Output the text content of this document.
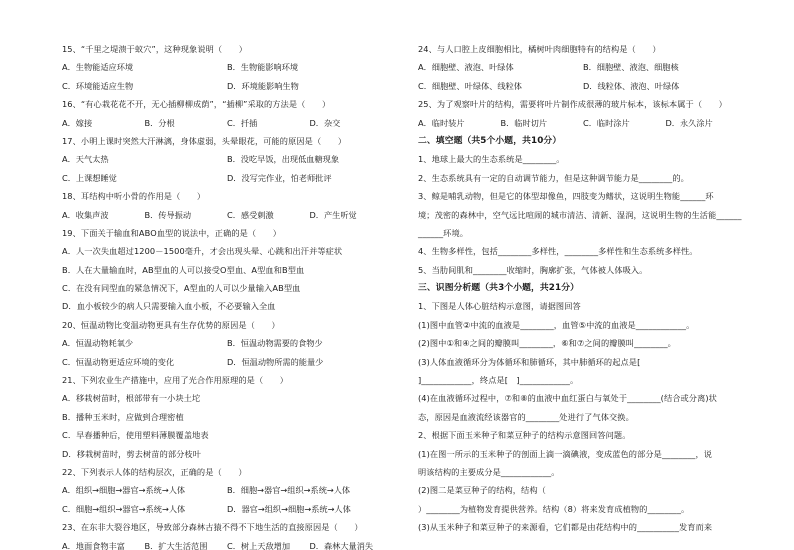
15、“千里之堤溃于蚁穴”，这种现象说明（　　）
A．生物能适应环境	B．生物能影响环境
C．环境能适应生物	D．环境能影响生物
16、“有心栽花花不开，无心插柳柳成荫”，“插柳”采取的方法是（　　）
A．嫁接	B．分根	C．扦插	D．杂交
17、小明上课时突然大汗淋漓，身体虚弱，头晕眼花，可能的原因是（　　）
A．天气太热	B．没吃早饭，出现低血糖现象
C．上课想睡觉	D．没写完作业，怕老师批评
18、耳结构中听小骨的作用是（　　）
A．收集声波	B．传导振动	C．感受刺激	D．产生听觉
19、下面关于输血和ABO血型的说法中，正确的是（　　）
A．人一次失血超过1200－1500毫升，才会出现头晕、心跳和出汗并等症状
B．人在大量输血时，AB型血的人可以接受O型血、A型血和B型血
C．在没有同型血的紧急情况下，A型血的人可以少量输入AB型血
D．血小板较少的病人只需要输入血小板，不必要输入全血
20、恒温动物比变温动物更具有生存优势的原因是（　　）
A．恒温动物耗氧少	B．恒温动物需要的食物少
C．恒温动物更适应环境的变化	D．恒温动物所需的能量少
21、下列农业生产措施中，应用了光合作用原理的是（　　）
A．移栽树苗时，根部带有一小块土坨
B．播种玉米时，应做到合理密植
C．早春播种后，使用塑料薄膜覆盖地表
D．移栽树苗时，剪去树苗的部分枝叶
22、下列表示人体的结构层次，正确的是（　　）
A．组织→细胞→器官→系统→人体	B．细胞→器官→组织→系统→人体
C．细胞→组织→器官→系统→人体	D．器官→组织→细胞→系统→人体
23、在东非大裂谷地区，导致部分森林古猿不得不下地生活的直接原因是（　　）
A．地面食物丰富	B．扩大生活范围	C．树上天敌增加	D．森林大量消失
24、与人口腔上皮细胞相比，橘树叶肉细胞特有的结构是（　　）
A．细胞壁、液泡、叶绿体	B．细胞壁、液泡、细胞核
C．细胞壁、叶绿体、线粒体	D．线粒体、液泡、叶绿体
25、为了观察叶片的结构，需要将叶片制作成很薄的玻片标本，该标本属于（　　）
A．临时装片	B．临时切片	C．临时涂片	D．永久涂片
二、填空题（共5个小题，共10分）
1、地球上最大的生态系统是________。
2、生态系统具有一定的自动调节能力，但是这种调节能力是________的。
3、鲸是哺乳动物，但是它的体型却像鱼，四肢变为鳍状，这说明生物能______环
境；茂密的森林中，空气远比喧闹的城市清洁、清新、湿润，这说明生物的生活能______
______环境。
4、生物多样性，包括________多样性，________多样性和生态系统多样性。
5、当肋间肌和________收缩时，胸廓扩张，气体被人体吸入。
三、识图分析题（共3个小题，共21分）
1、下图是人体心脏结构示意图，请据图回答
(1)图中血管②中流的血液是________，血管⑤中流的血液是____________。
(2)图中①和④之间的瓣膜叫________，⑥和⑦之间的瓣膜叫________。
(3)人体血液循环分为体循环和肺循环，其中肺循环的起点是[
]____________，终点是[　]____________。
(4)在血液循环过程中，⑦和⑧的血液中血红蛋白与氧处于________(结合或分离)状
态，原因是血液流经该器官的________处进行了气体交换。
2、根据下面玉米种子和菜豆种子的结构示意图回答问题。
(1)在图一所示的玉米种子的剖面上滴一滴碘液，变成蓝色的部分是________，说
明该结构的主要成分是____________。
(2)图二是菜豆种子的结构，结构（
）________为植物发育提供营养。结构（8）将来发育成植物的________。
(3)从玉米种子和菜豆种子的来源看，它们都是由花结构中的__________发育而来
